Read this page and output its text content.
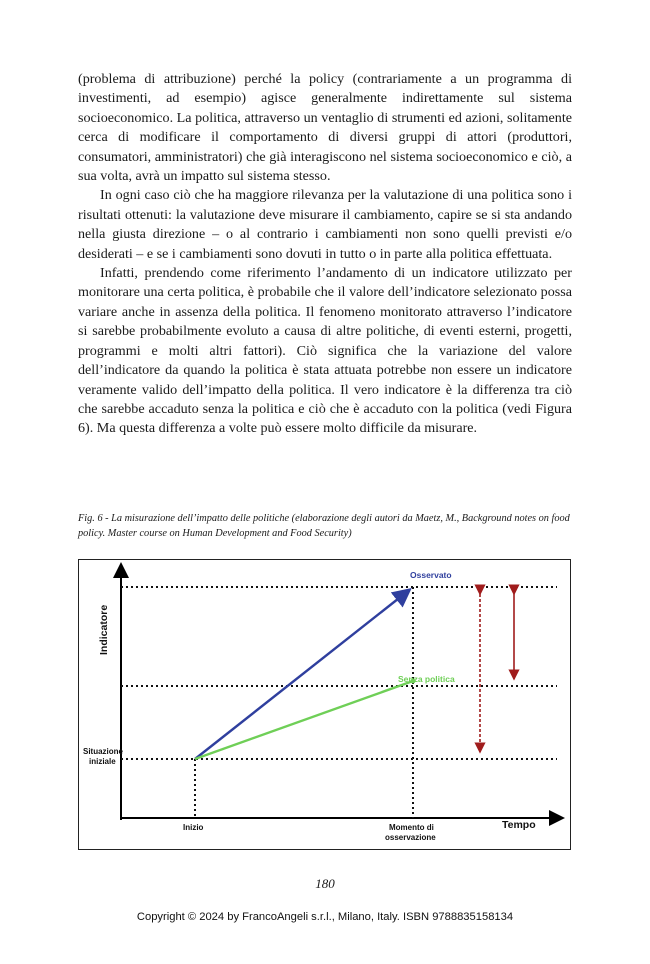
(problema di attribuzione) perché la policy (contrariamente a un programma di investimenti, ad esempio) agisce generalmente indirettamente sul sistema socioeconomico. La politica, attraverso un ventaglio di strumenti ed azioni, solitamente cerca di modificare il comportamento di diversi gruppi di attori (produttori, consumatori, amministratori) che già interagiscono nel sistema socioeconomico e ciò, a sua volta, avrà un impatto sul sistema stesso.

In ogni caso ciò che ha maggiore rilevanza per la valutazione di una politica sono i risultati ottenuti: la valutazione deve misurare il cambiamento, capire se si sta andando nella giusta direzione – o al contrario i cambiamenti non sono quelli previsti e/o desiderati – e se i cambiamenti sono dovuti in tutto o in parte alla politica effettuata.

Infatti, prendendo come riferimento l’andamento di un indicatore utilizzato per monitorare una certa politica, è probabile che il valore dell’indicatore selezionato possa variare anche in assenza della politica. Il fenomeno monitorato attraverso l’indicatore si sarebbe probabilmente evoluto a causa di altre politiche, di eventi esterni, progetti, programmi e molti altri fattori). Ciò significa che la variazione del valore dell’indicatore da quando la politica è stata attuata potrebbe non essere un indicatore veramente valido dell’impatto della politica. Il vero indicatore è la differenza tra ciò che sarebbe accaduto senza la politica e ciò che è accaduto con la politica (vedi Figura 6). Ma questa differenza a volte può essere molto difficile da misurare.

Fig. 6 - La misurazione dell’impatto delle politiche (elaborazione degli autori da Maetz, M., Background notes on food policy. Master course on Human Development and Food Security)
Osservato
Senza politica
Indicatore
Tempo
Situazione iniziale
Inizio	Momento di osservazione
180
Copyright © 2024 by FrancoAngeli s.r.l., Milano, Italy. ISBN 9788835158134
